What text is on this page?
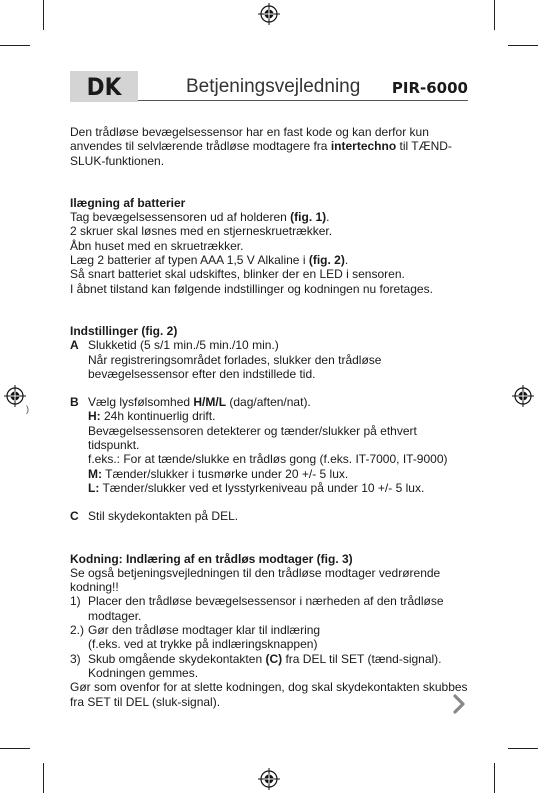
)
DK	Betjeningsvejledning PIR-6000

Den trådløse bevægelsessensor har en fast kode og kan derfor kun anvendes til selvlærende trådløse modtagere fra intertechno til TÆND-SLUK-funktionen.

Ilægning af batterier

Tag bevægelsessensoren ud af holderen (fig. 1).

2 skruer skal løsnes med en stjerneskruetrækker.

Åbn huset med en skruetrækker.

Læg 2 batterier af typen AAA 1,5 V Alkaline i (fig. 2).

Så snart batteriet skal udskiftes, blinker der en LED i sensoren.

I åbnet tilstand kan følgende indstillinger og kodningen nu foretages.

Indstillinger (fig. 2)

A Slukketid (5 s/1 min./5 min./10 min.)

Når registreringsområdet forlades, slukker den trådløse bevægelsessensor efter den indstillede tid.

B Vælg lysfølsomhed H/M/L (dag/aften/nat).

H: 24h kontinuerlig drift.

Bevægelsessensoren detekterer og tænder/slukker på ethvert tidspunkt.

f.eks.: For at tænde/slukke en trådløs gong (f.eks. IT-7000, IT-9000)

M: Tænder/slukker i tusmørke under 20 +/- 5 lux.

L: Tænder/slukker ved et lysstyrkeniveau på under 10 +/- 5 lux.

C Stil skydekontakten på DEL.

Kodning: Indlæring af en trådløs modtager (fig. 3)

Se også betjeningsvejledningen til den trådløse modtager vedrørende kodning!!

1) Placer den trådløse bevægelsessensor i nærheden af den trådløse modtager.

2.) Gør den trådløse modtager klar til indlæring

(f.eks. ved at trykke på indlæringsknappen)

3) Skub omgående skydekontakten (C) fra DEL til SET (tænd-signal).

Kodningen gemmes.

Gør som ovenfor for at slette kodningen, dog skal skydekontakten skubbes fra SET til DEL (sluk-signal).
